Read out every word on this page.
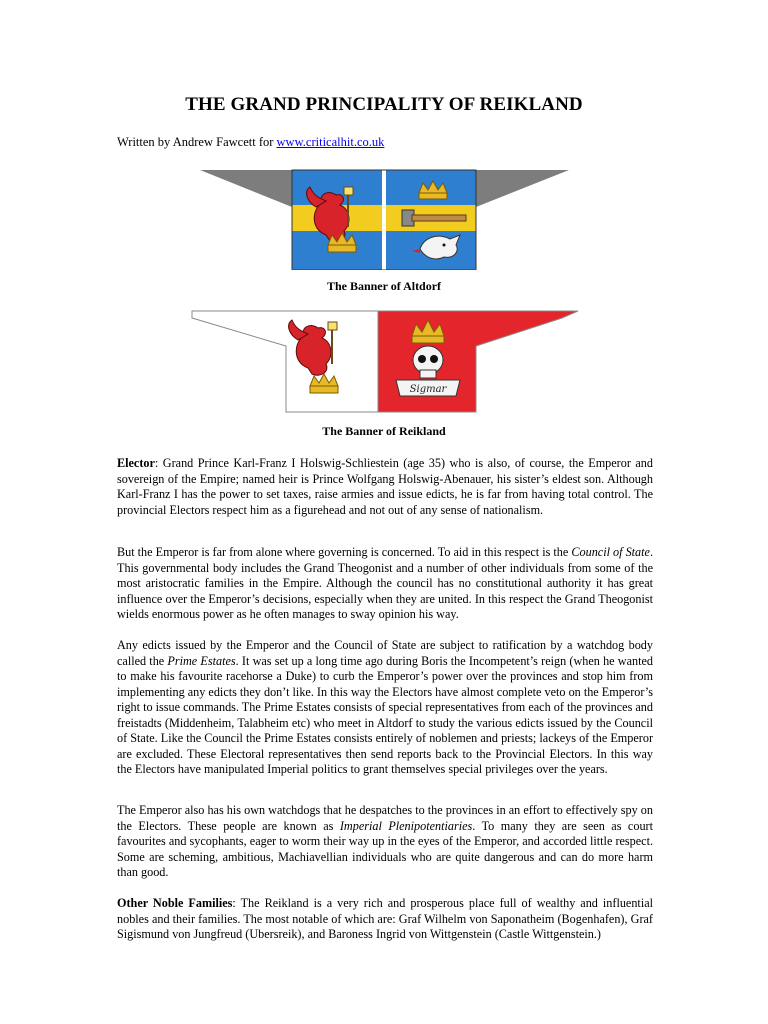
THE GRAND PRINCIPALITY OF REIKLAND
Written by Andrew Fawcett for www.criticalhit.co.uk
The Banner of Altdorf
Sigmar
The Banner of Reikland

Elector: Grand Prince Karl-Franz I Holswig-Schliestein (age 35) who is also, of course, the Emperor and sovereign of the Empire; named heir is Prince Wolfgang Holswig-Abenauer, his sister’s eldest son. Although Karl-Franz I has the power to set taxes, raise armies and issue edicts, he is far from having total control. The provincial Electors respect him as a figurehead and not out of any sense of nationalism.

But the Emperor is far from alone where governing is concerned. To aid in this respect is the Council of State. This governmental body includes the Grand Theogonist and a number of other individuals from some of the most aristocratic families in the Empire. Although the council has no constitutional authority it has great influence over the Emperor’s decisions, especially when they are united. In this respect the Grand Theogonist wields enormous power as he often manages to sway opinion his way.

Any edicts issued by the Emperor and the Council of State are subject to ratification by a watchdog body called the Prime Estates. It was set up a long time ago during Boris the Incompetent’s reign (when he wanted to make his favourite racehorse a Duke) to curb the Emperor’s power over the provinces and stop him from implementing any edicts they don’t like. In this way the Electors have almost complete veto on the Emperor’s right to issue commands. The Prime Estates consists of special representatives from each of the provinces and freistadts (Middenheim, Talabheim etc) who meet in Altdorf to study the various edicts issued by the Council of State. Like the Council the Prime Estates consists entirely of noblemen and priests; lackeys of the Emperor are excluded. These Electoral representatives then send reports back to the Provincial Electors. In this way the Electors have manipulated Imperial politics to grant themselves special privileges over the years.

The Emperor also has his own watchdogs that he despatches to the provinces in an effort to effectively spy on the Electors. These people are known as Imperial Plenipotentiaries. To many they are seen as court favourites and sycophants, eager to worm their way up in the eyes of the Emperor, and accorded little respect. Some are scheming, ambitious, Machiavellian individuals who are quite dangerous and can do more harm than good.

Other Noble Families: The Reikland is a very rich and prosperous place full of wealthy and influential nobles and their families. The most notable of which are: Graf Wilhelm von Saponatheim (Bogenhafen), Graf Sigismund von Jungfreud (Ubersreik), and Baroness Ingrid von Wittgenstein (Castle Wittgenstein.)
